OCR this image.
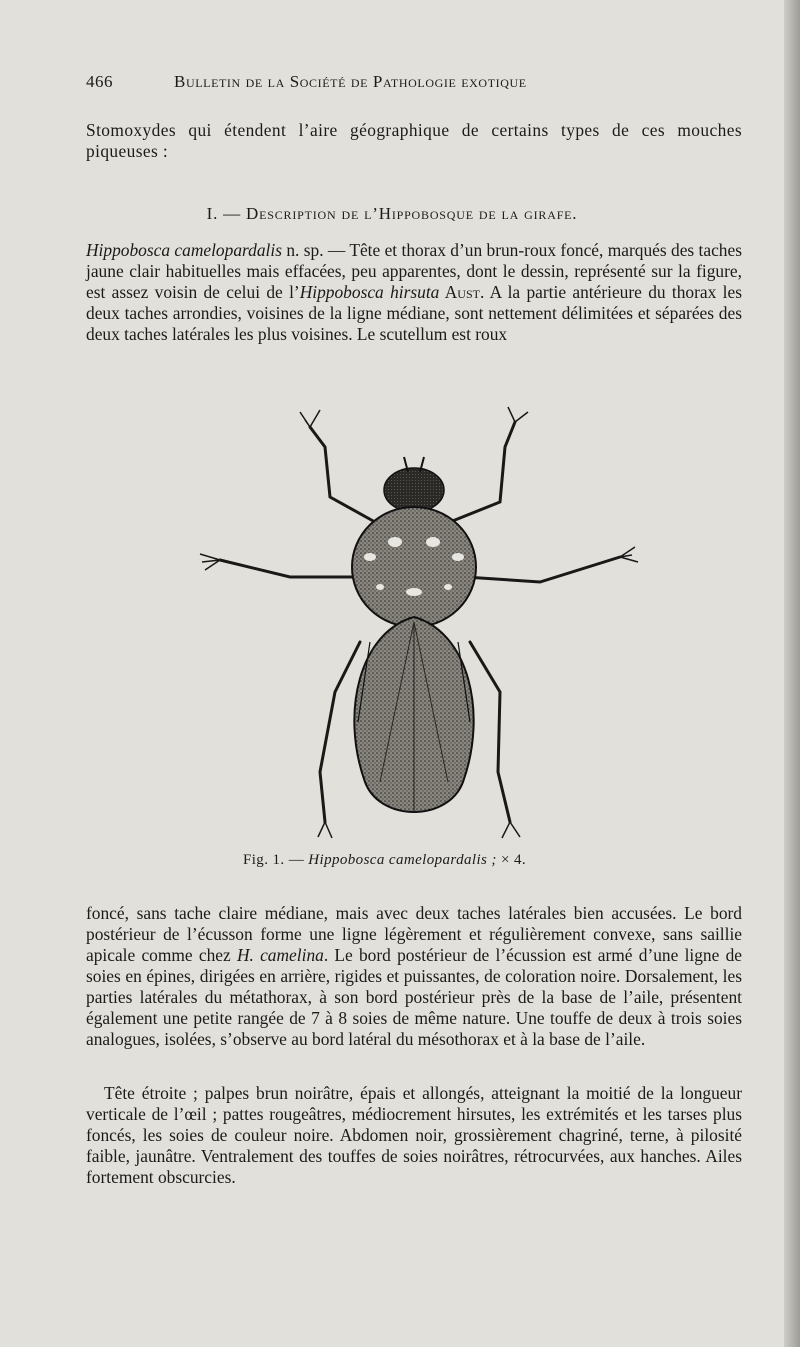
466	Bulletin de la Société de Pathologie exotique

Stomoxydes qui étendent l’aire géographique de certains types de ces mouches piqueuses :

I. — Description de l’Hippobosque de la girafe.

Hippobosca camelopardalis n. sp. — Tête et thorax d’un brun-roux foncé, marqués des taches jaune clair habituelles mais effacées, peu apparentes, dont le dessin, représenté sur la figure, est assez voisin de celui de l’Hippobosca hirsuta Aust. A la partie antérieure du thorax les deux taches arrondies, voisines de la ligne médiane, sont nettement délimitées et séparées des deux taches latérales les plus voisines. Le scutellum est roux

Fig. 1. — Hippobosca camelopardalis ; × 4.

foncé, sans tache claire médiane, mais avec deux taches latérales bien accusées. Le bord postérieur de l’écusson forme une ligne légèrement et régulièrement convexe, sans saillie apicale comme chez H. camelina. Le bord postérieur de l’écussion est armé d’une ligne de soies en épines, dirigées en arrière, rigides et puissantes, de coloration noire. Dorsalement, les parties latérales du métathorax, à son bord postérieur près de la base de l’aile, présentent également une petite rangée de 7 à 8 soies de même nature. Une touffe de deux à trois soies analogues, isolées, s’observe au bord latéral du mésothorax et à la base de l’aile.

Tête étroite ; palpes brun noirâtre, épais et allongés, atteignant la moitié de la longueur verticale de l’œil ; pattes rougeâtres, médiocrement hirsutes, les extrémités et les tarses plus foncés, les soies de couleur noire. Abdomen noir, grossièrement chagriné, terne, à pilosité faible, jaunâtre. Ventralement des touffes de soies noirâtres, rétrocurvées, aux hanches. Ailes fortement obscurcies.
